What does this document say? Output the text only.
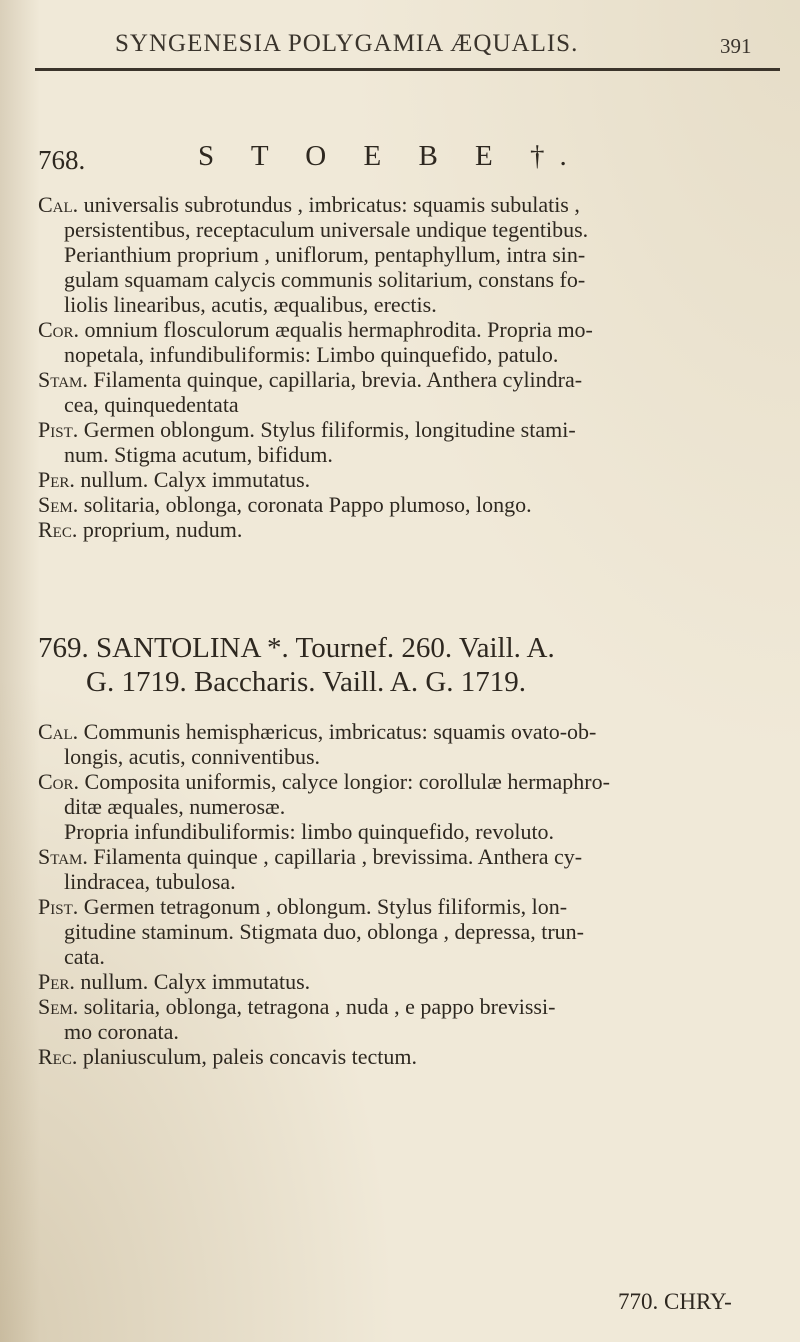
SYNGENESIA POLYGAMIA ÆQUALIS.	391
768.	S T O E B E †.
Cal. universalis subrotundus , imbricatus: squamis subulatis ,
persistentibus, receptaculum universale undique tegentibus.
Perianthium proprium , uniflorum, pentaphyllum, intra sin-
gulam squamam calycis communis solitarium, constans fo-
liolis linearibus, acutis, æqualibus, erectis.
Cor. omnium flosculorum æqualis hermaphrodita. Propria mo-
nopetala, infundibuliformis: Limbo quinquefido, patulo.
Stam. Filamenta quinque, capillaria, brevia. Anthera cylindra-
cea, quinquedentata
Pist. Germen oblongum. Stylus filiformis, longitudine stami-
num. Stigma acutum, bifidum.
Per. nullum. Calyx immutatus.
Sem. solitaria, oblonga, coronata Pappo plumoso, longo.
Rec. proprium, nudum.
769. SANTOLINA *. Tournef. 260. Vaill. A.
G. 1719. Baccharis. Vaill. A. G. 1719.
Cal. Communis hemisphæricus, imbricatus: squamis ovato-ob-
longis, acutis, conniventibus.
Cor. Composita uniformis, calyce longior: corollulæ hermaphro-
ditæ æquales, numerosæ.
Propria infundibuliformis: limbo quinquefido, revoluto.
Stam. Filamenta quinque , capillaria , brevissima. Anthera cy-
lindracea, tubulosa.
Pist. Germen tetragonum , oblongum. Stylus filiformis, lon-
gitudine staminum. Stigmata duo, oblonga , depressa, trun-
cata.
Per. nullum. Calyx immutatus.
Sem. solitaria, oblonga, tetragona , nuda , e pappo brevissi-
mo coronata.
Rec. planiusculum, paleis concavis tectum.
770. CHRY-
